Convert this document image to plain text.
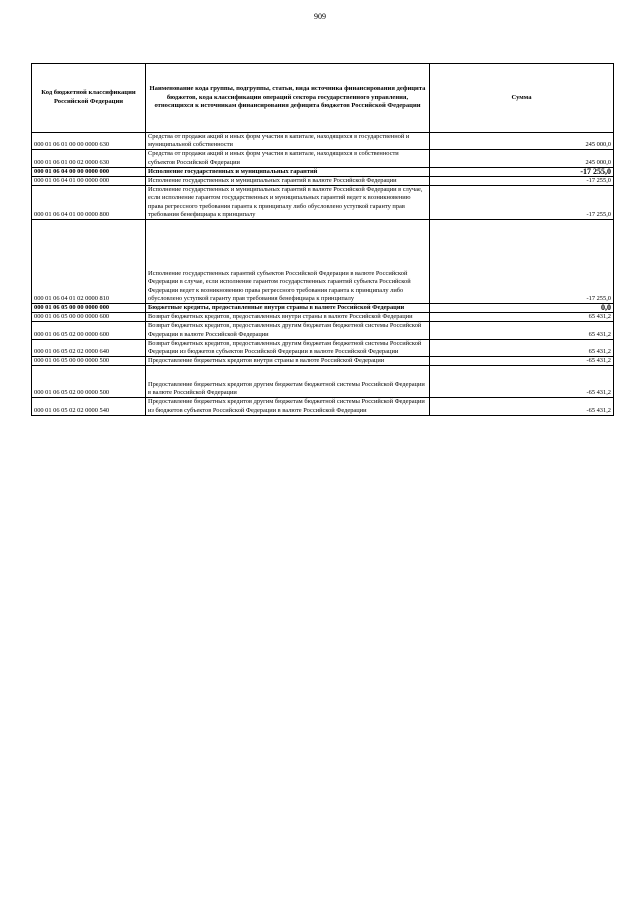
909
Код бюджетной классификации Российской Федерации	Наименование кода группы, подгруппы, статьи, вида источника финансирования дефицита бюджетов, кода классификации операций сектора государственного управления, относящихся к источникам финансирования дефицита бюджетов Российской Федерации	Сумма
000 01 06 01 00 00 0000 630	Средства от продажи акций и иных форм участия в капитале, находящихся в государственной и муниципальной собственности	245 000,0
000 01 06 01 00 02 0000 630	Средства от продажи акций и иных форм участия в капитале, находящихся в собственности субъектов Российской Федерации	245 000,0
000 01 06 04 00 00 0000 000	Исполнение государственных и муниципальных гарантий	-17 255,0
000 01 06 04 01 00 0000 000	Исполнение государственных и муниципальных гарантий в валюте Российской Федерации	-17 255,0
000 01 06 04 01 00 0000 800	Исполнение государственных и муниципальных гарантий в валюте Российской Федерации в случае, если исполнение гарантом государственных и муниципальных гарантий ведет к возникновению права регрессного требования гаранта к принципалу либо обусловлено уступкой гаранту прав требования бенефициара к принципалу	-17 255,0
000 01 06 04 01 02 0000 810	Исполнение государственных гарантий субъектов Российской Федерации в валюте Российской Федерации в случае, если исполнение гарантом государственных гарантий субъекта Российской Федерации ведет к возникновению права регрессного требования гаранта к принципалу либо обусловлено уступкой гаранту прав требования бенефициара к принципалу	-17 255,0
000 01 06 05 00 00 0000 000	Бюджетные кредиты, предоставленные внутри страны в валюте Российской Федерации	0,0
000 01 06 05 00 00 0000 600	Возврат бюджетных кредитов, предоставленных внутри страны в валюте Российской Федерации	65 431,2
000 01 06 05 02 00 0000 600	Возврат бюджетных кредитов, предоставленных другим бюджетам бюджетной системы Российской Федерации в валюте Российской Федерации	65 431,2
000 01 06 05 02 02 0000 640	Возврат бюджетных кредитов, предоставленных другим бюджетам бюджетной системы Российской Федерации из бюджетов субъектов Российской Федерации в валюте Российской Федерации	65 431,2
000 01 06 05 00 00 0000 500	Предоставление бюджетных кредитов внутри страны в валюте Российской Федерации	-65 431,2
000 01 06 05 02 00 0000 500	Предоставление бюджетных кредитов другим бюджетам бюджетной системы Российской Федерации в валюте Российской Федерации	-65 431,2
000 01 06 05 02 02 0000 540	Предоставление бюджетных кредитов другим бюджетам бюджетной системы Российской Федерации из бюджетов субъектов Российской Федерации в валюте Российской Федерации	-65 431,2
